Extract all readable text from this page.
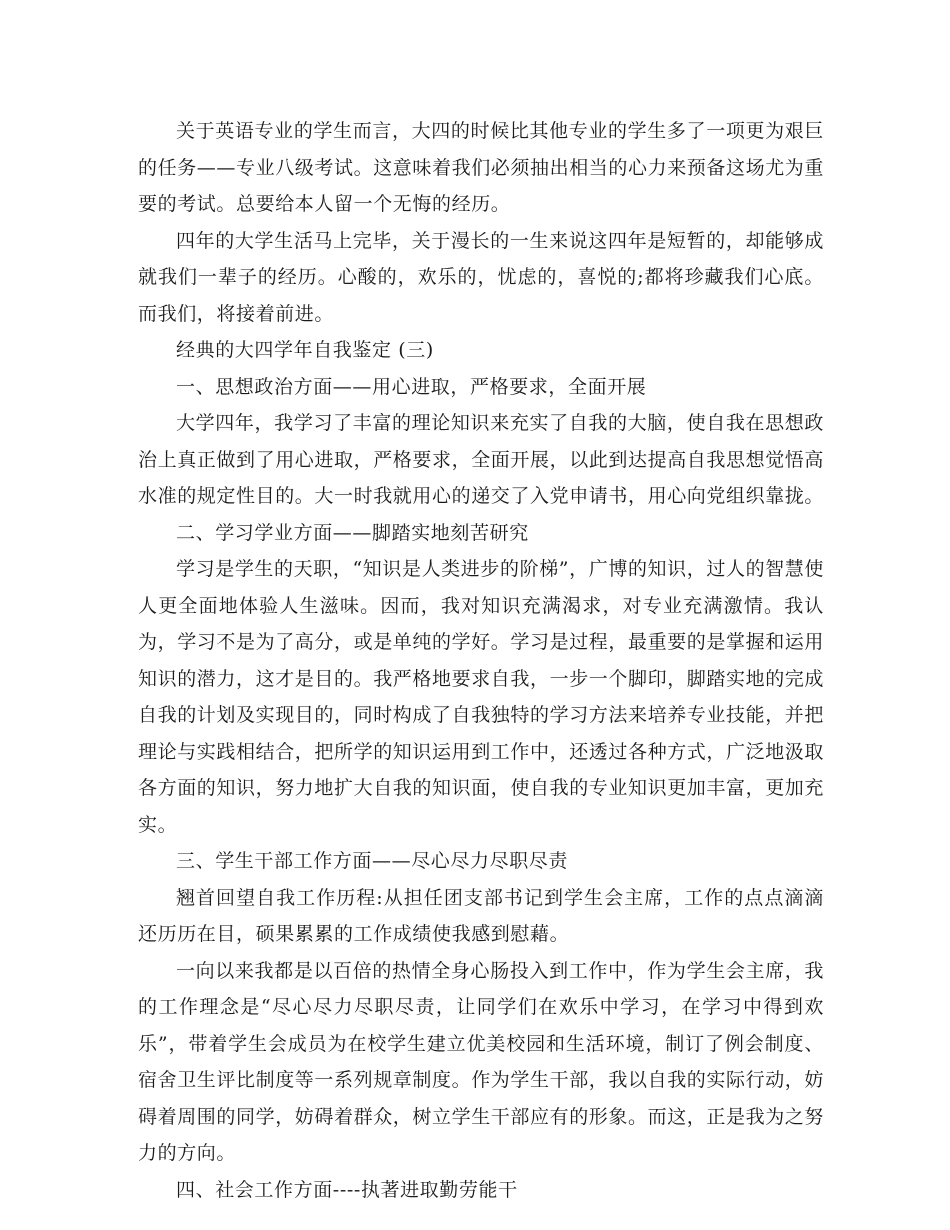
关于英语专业的学生而言，大四的时候比其他专业的学生多了一项更为艰巨的任务——专业八级考试。这意味着我们必须抽出相当的心力来预备这场尤为重要的考试。总要给本人留一个无悔的经历。

四年的大学生活马上完毕，关于漫长的一生来说这四年是短暂的，却能够成就我们一辈子的经历。心酸的，欢乐的，忧虑的，喜悦的;都将珍藏我们心底。而我们，将接着前进。

经典的大四学年自我鉴定 (三)

一、思想政治方面——用心进取，严格要求，全面开展

大学四年，我学习了丰富的理论知识来充实了自我的大脑，使自我在思想政治上真正做到了用心进取，严格要求，全面开展，以此到达提高自我思想觉悟高水准的规定性目的。大一时我就用心的递交了入党申请书，用心向党组织靠拢。

二、学习学业方面——脚踏实地刻苦研究

学习是学生的天职，“知识是人类进步的阶梯”，广博的知识，过人的智慧使人更全面地体验人生滋味。因而，我对知识充满渴求，对专业充满激情。我认为，学习不是为了高分，或是单纯的学好。学习是过程，最重要的是掌握和运用知识的潜力，这才是目的。我严格地要求自我，一步一个脚印，脚踏实地的完成自我的计划及实现目的，同时构成了自我独特的学习方法来培养专业技能，并把理论与实践相结合，把所学的知识运用到工作中，还透过各种方式，广泛地汲取各方面的知识，努力地扩大自我的知识面，使自我的专业知识更加丰富，更加充实。

三、学生干部工作方面——尽心尽力尽职尽责

翘首回望自我工作历程:从担任团支部书记到学生会主席，工作的点点滴滴还历历在目，硕果累累的工作成绩使我感到慰藉。

一向以来我都是以百倍的热情全身心肠投入到工作中，作为学生会主席，我的工作理念是“尽心尽力尽职尽责，让同学们在欢乐中学习，在学习中得到欢乐”，带着学生会成员为在校学生建立优美校园和生活环境，制订了例会制度、宿舍卫生评比制度等一系列规章制度。作为学生干部，我以自我的实际行动，妨碍着周围的同学，妨碍着群众，树立学生干部应有的形象。而这，正是我为之努力的方向。

四、社会工作方面----执著进取勤劳能干
